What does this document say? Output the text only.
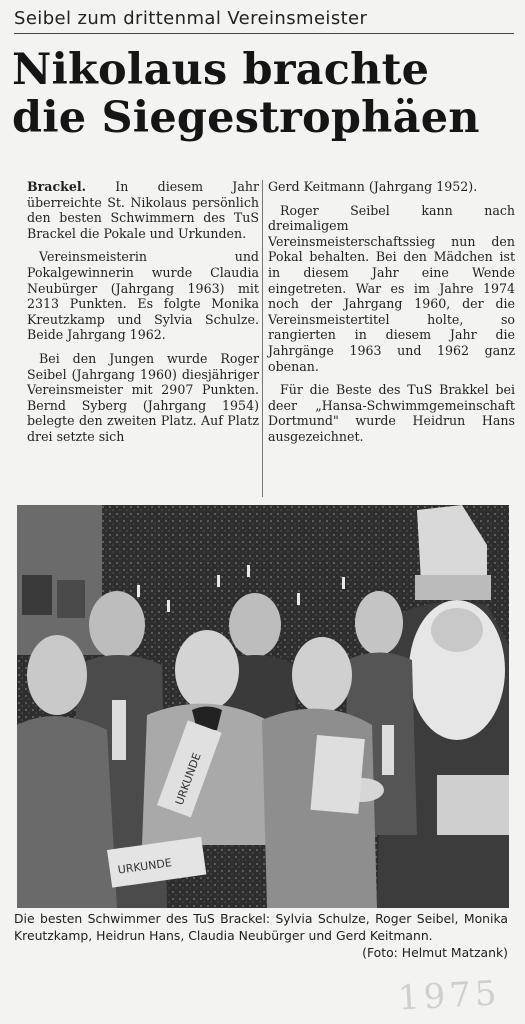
Seibel zum drittenmal Vereinsmeister
Nikolaus brachte
die Siegestrophäen

Brackel. In diesem Jahr überreichte St. Nikolaus persönlich den besten Schwimmern des TuS Brackel die Pokale und Urkunden.

Vereinsmeisterin und Pokalgewinnerin wurde Claudia Neubürger (Jahrgang 1963) mit 2313 Punkten. Es folgte Monika Kreutzkamp und Sylvia Schulze. Beide Jahrgang 1962.

Bei den Jungen wurde Roger Seibel (Jahrgang 1960) diesjähriger Vereinsmeister mit 2907 Punkten. Bernd Syberg (Jahrgang 1954) belegte den zweiten Platz. Auf Platz drei setzte sich

Gerd Keitmann (Jahrgang 1952).

Roger Seibel kann nach dreimaligem Vereinsmeisterschaftssieg nun den Pokal behalten. Bei den Mädchen ist in diesem Jahr eine Wende eingetreten. War es im Jahre 1974 noch der Jahrgang 1960, der die Vereinsmeistertitel holte, so rangierten in diesem Jahr die Jahrgänge 1963 und 1962 ganz obenan.

Für die Beste des TuS Brakkel bei deer „Hansa-Schwimmgemeinschaft Dortmund" wurde Heidrun Hans ausgezeichnet.

URKUNDE
URKUNDE
Die besten Schwimmer des TuS Brackel: Sylvia Schulze, Roger Seibel, Monika Kreutzkamp, Heidrun Hans, Claudia Neubürger und Gerd Keitmann.
(Foto: Helmut Matzank)
1975
